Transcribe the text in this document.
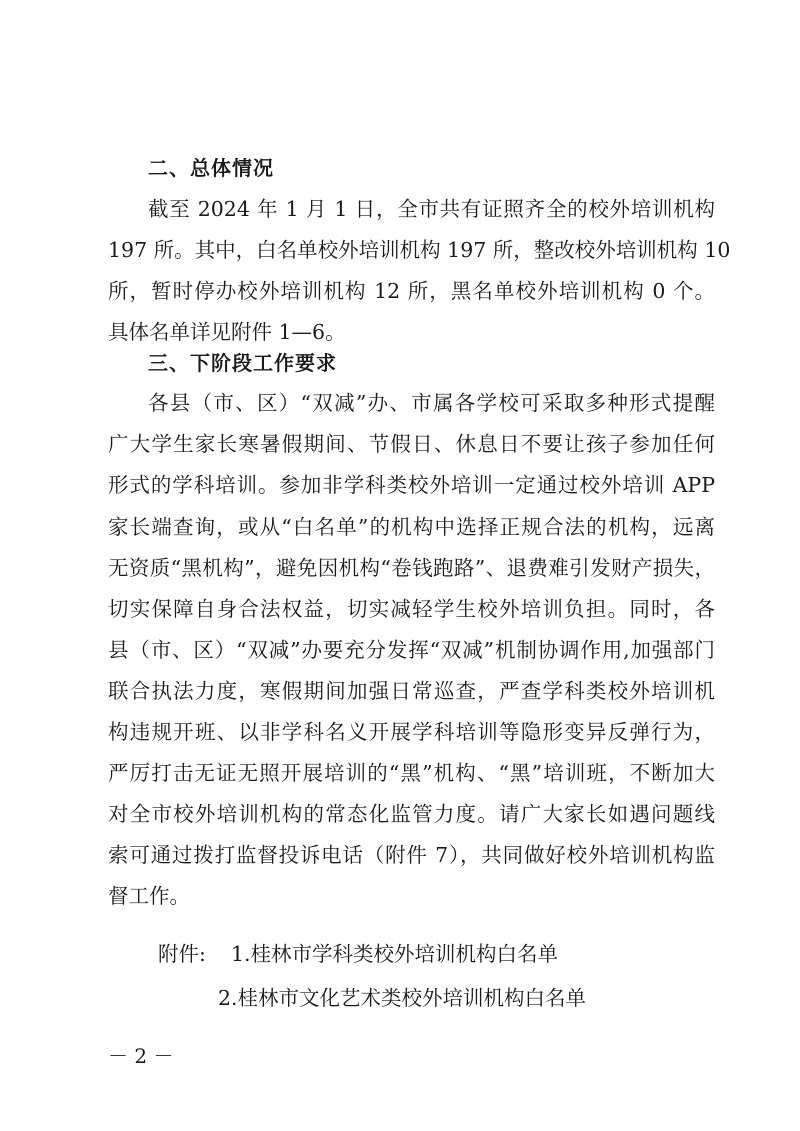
二、总体情况
截至 2024 年 1 月 1 日，全市共有证照齐全的校外培训机构
197 所。其中，白名单校外培训机构 197 所，整改校外培训机构 10
所，暂时停办校外培训机构 12 所，黑名单校外培训机构 0 个。
具体名单详见附件 1—6。
三、下阶段工作要求
各县（市、区）“双减”办、市属各学校可采取多种形式提醒
广大学生家长寒暑假期间、节假日、休息日不要让孩子参加任何
形式的学科培训。参加非学科类校外培训一定通过校外培训 APP
家长端查询，或从“白名单”的机构中选择正规合法的机构，远离
无资质“黑机构”，避免因机构“卷钱跑路”、退费难引发财产损失，
切实保障自身合法权益，切实减轻学生校外培训负担。同时，各
县（市、区）“双减”办要充分发挥“双减”机制协调作用,加强部门
联合执法力度，寒假期间加强日常巡查，严查学科类校外培训机
构违规开班、以非学科名义开展学科培训等隐形变异反弹行为，
严厉打击无证无照开展培训的“黑”机构、“黑”培训班，不断加大
对全市校外培训机构的常态化监管力度。请广大家长如遇问题线
索可通过拨打监督投诉电话（附件 7），共同做好校外培训机构监
督工作。
附件: 1.桂林市学科类校外培训机构白名单
2.桂林市文化艺术类校外培训机构白名单
－ 2 －
